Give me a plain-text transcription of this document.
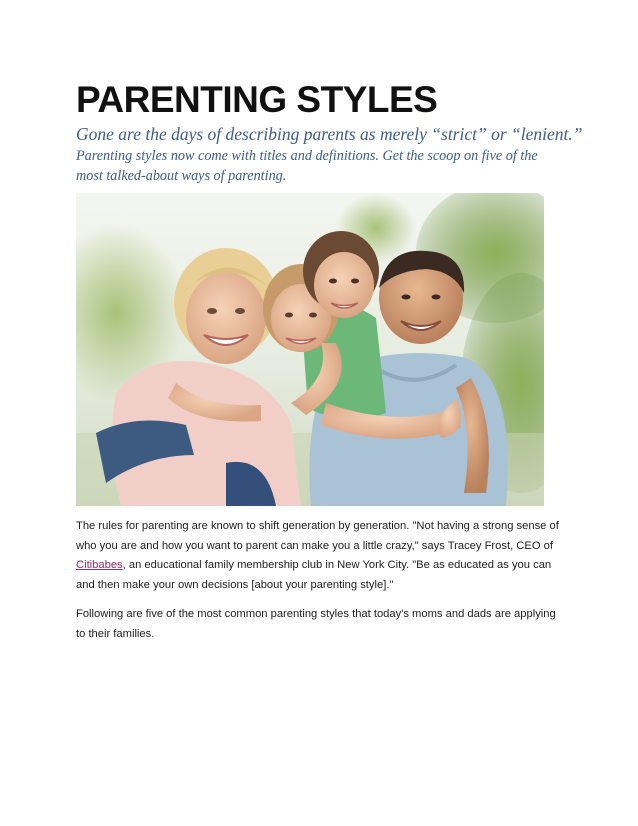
PARENTING STYLES
Gone are the days of describing parents as merely “strict” or “lenient.”
Parenting styles now come with titles and definitions. Get the scoop on five of the most talked-about ways of parenting.

The rules for parenting are known to shift generation by generation. "Not having a strong sense of who you are and how you want to parent can make you a little crazy," says Tracey Frost, CEO of Citibabes, an educational family membership club in New York City. "Be as educated as you can and then make your own decisions [about your parenting style]."

Following are five of the most common parenting styles that today's moms and dads are applying to their families.
